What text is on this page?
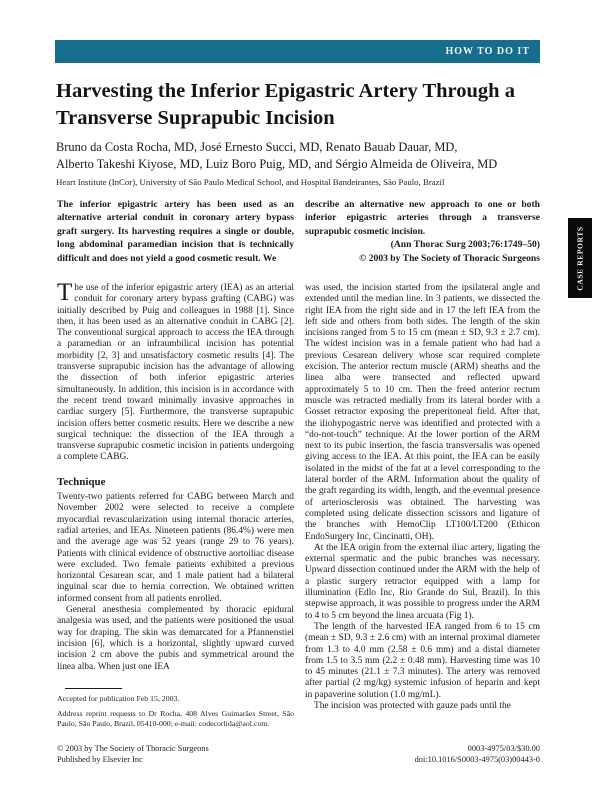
HOW TO DO IT
CASE REPORTS
Harvesting the Inferior Epigastric Artery Through a
Transverse Suprapubic Incision
Bruno da Costa Rocha, MD, José Ernesto Succi, MD, Renato Bauab Dauar, MD,
Alberto Takeshi Kiyose, MD, Luiz Boro Puig, MD, and Sérgio Almeida de Oliveira, MD
Heart Institute (InCor), University of São Paulo Medical School, and Hospital Bandeirantes, São Paulo, Brazil
The inferior epigastric artery has been used as an alternative arterial conduit in coronary artery bypass graft surgery. Its harvesting requires a single or double, long abdominal paramedian incision that is technically difficult and does not yield a good cosmetic result. We
describe an alternative new approach to one or both inferior epigastric arteries through a transverse suprapubic cosmetic incision.
(Ann Thorac Surg 2003;76:1749–50)
© 2003 by The Society of Thoracic Surgeons

The use of the inferior epigastric artery (IEA) as an arterial conduit for coronary artery bypass grafting (CABG) was initially described by Puig and colleagues in 1988 [1]. Since then, it has been used as an alternative conduit in CABG [2]. The conventional surgical approach to access the IEA through a paramedian or an infraumbilical incision has potential morbidity [2, 3] and unsatisfactory cosmetic results [4]. The transverse suprapubic incision has the advantage of allowing the dissection of both inferior epigastric arteries simultaneously. In addition, this incision is in accordance with the recent trend toward minimally invasive approaches in cardiac surgery [5]. Furthermore, the transverse suprapubic incision offers better cosmetic results. Here we describe a new surgical technique: the dissection of the IEA through a transverse suprapubic cosmetic incision in patients undergoing a complete CABG.

Technique

Twenty-two patients referred for CABG between March and November 2002 were selected to receive a complete myocardial revascularization using internal thoracic arteries, radial arteries, and IEAs. Nineteen patients (86.4%) were men and the average age was 52 years (range 29 to 76 years). Patients with clinical evidence of obstructive aortoiliac disease were excluded. Two female patients exhibited a previous horizontal Cesarean scar, and 1 male patient had a bilateral inguinal scar due to hernia correction. We obtained written informed consent from all patients enrolled.

General anesthesia complemented by thoracic epidural analgesia was used, and the patients were positioned the usual way for draping. The skin was demarcated for a Pfannenstiel incision [6], which is a horizontal, slightly upward curved incision 2 cm above the pubis and symmetrical around the linea alba. When just one IEA

was used, the incision started from the ipsilateral angle and extended until the median line. In 3 patients, we dissected the right IEA from the right side and in 17 the left IEA from the left side and others from both sides. The length of the skin incisions ranged from 5 to 15 cm (mean ± SD, 9.3 ± 2.7 cm). The widest incision was in a female patient who had had a previous Cesarean delivery whose scar required complete excision. The anterior rectum muscle (ARM) sheaths and the linea alba were transected and reflected upward approximately 5 to 10 cm. Then the freed anterior rectum muscle was retracted medially from its lateral border with a Gosset retractor exposing the preperitoneal field. After that, the iliohypogastric nerve was identified and protected with a “do-not-touch” technique. At the lower portion of the ARM next to its pubic insertion, the fascia transversalis was opened giving access to the IEA. At this point, the IEA can be easily isolated in the midst of the fat at a level corresponding to the lateral border of the ARM. Information about the quality of the graft regarding its width, length, and the eventual presence of arteriosclerosis was obtained. The harvesting was completed using delicate dissection scissors and ligature of the branches with HemoClip LT100/LT200 (Ethicon EndoSurgery Inc, Cincinatti, OH).

At the IEA origin from the external iliac artery, ligating the external spermatic and the pubic branches was necessary. Upward dissection continued under the ARM with the help of a plastic surgery retractor equipped with a lamp for illumination (Edlo Inc, Rio Grande do Sul, Brazil). In this stepwise approach, it was possible to progress under the ARM to 4 to 5 cm beyond the linea arcuata (Fig 1).

The length of the harvested IEA ranged from 6 to 15 cm (mean ± SD, 9.3 ± 2.6 cm) with an internal proximal diameter from 1.3 to 4.0 mm (2.58 ± 0.6 mm) and a distal diameter from 1.5 to 3.5 mm (2.2 ± 0.48 mm). Harvesting time was 10 to 45 minutes (21.1 ± 7.3 minutes). The artery was removed after partial (2 mg/kg) systemic infusion of heparin and kept in papaverine solution (1.0 mg/mL).

The incision was protected with gauze pads until the

Accepted for publication Feb 15, 2003.

Address reprint requests to Dr Rocha, 408 Alves Guimarães Street, São Paulo, São Paulo, Brazil, 05410-000; e-mail: codecorlida@aol.com.

© 2003 by The Society of Thoracic Surgeons
Published by Elsevier Inc
0003-4975/03/$30.00
doi:10.1016/S0003-4975(03)00443-0
